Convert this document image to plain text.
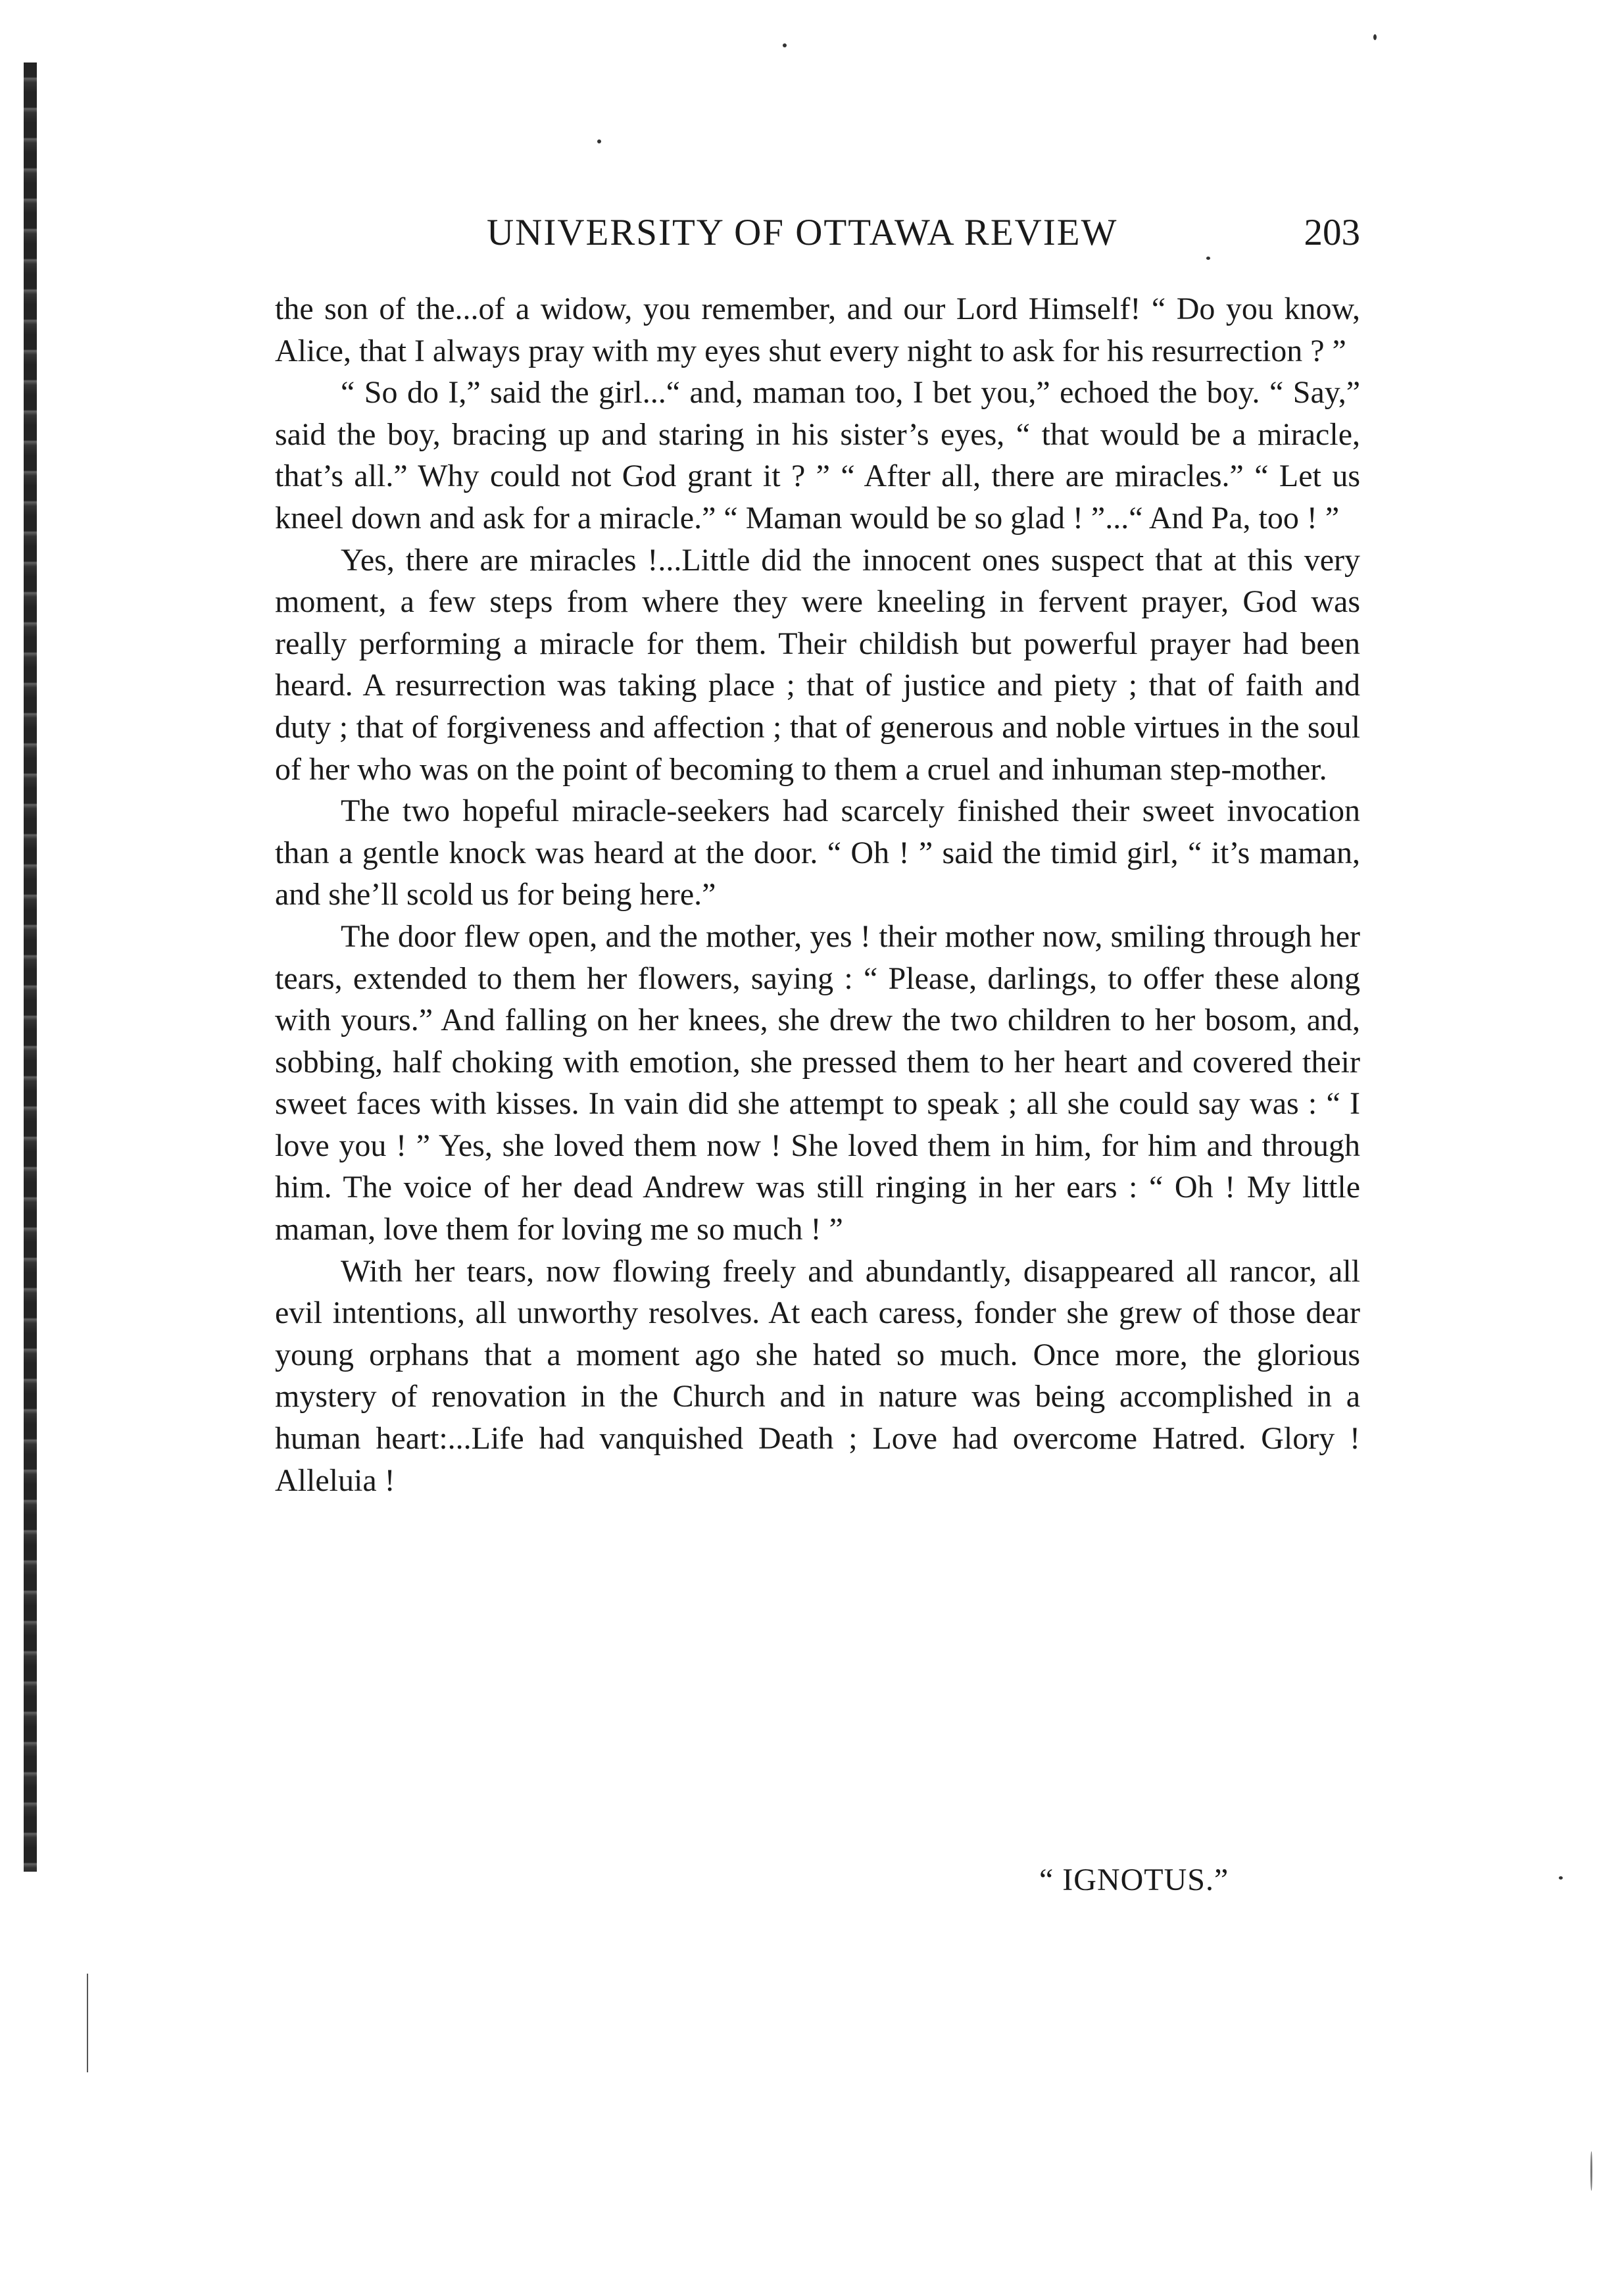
UNIVERSITY OF OTTAWA REVIEW	203

the son of the...of a widow, you remember, and our Lord Himself! “ Do you know, Alice, that I always pray with my eyes shut every night to ask for his resurrection ? ”

“ So do I,” said the girl...“ and, maman too, I bet you,” echoed the boy. “ Say,” said the boy, bracing up and staring in his sister’s eyes, “ that would be a miracle, that’s all.” Why could not God grant it ? ” “ After all, there are miracles.” “ Let us kneel down and ask for a miracle.” “ Maman would be so glad ! ”...“ And Pa, too ! ”

Yes, there are miracles !...Little did the innocent ones suspect that at this very moment, a few steps from where they were kneeling in fervent prayer, God was really performing a miracle for them. Their childish but powerful prayer had been heard. A resurrection was taking place ; that of justice and piety ; that of faith and duty ; that of forgiveness and affection ; that of generous and noble virtues in the soul of her who was on the point of becoming to them a cruel and inhuman step-mother.

The two hopeful miracle-seekers had scarcely finished their sweet invocation than a gentle knock was heard at the door. “ Oh ! ” said the timid girl, “ it’s maman, and she’ll scold us for being here.”

The door flew open, and the mother, yes ! their mother now, smiling through her tears, extended to them her flowers, saying : “ Please, darlings, to offer these along with yours.” And falling on her knees, she drew the two children to her bosom, and, sobbing, half choking with emotion, she pressed them to her heart and covered their sweet faces with kisses. In vain did she attempt to speak ; all she could say was : “ I love you ! ” Yes, she loved them now ! She loved them in him, for him and through him. The voice of her dead Andrew was still ringing in her ears : “ Oh ! My little maman, love them for loving me so much ! ”

With her tears, now flowing freely and abundantly, disappeared all rancor, all evil intentions, all unworthy resolves. At each caress, fonder she grew of those dear young orphans that a moment ago she hated so much. Once more, the glorious mystery of renovation in the Church and in nature was being accomplished in a human heart:...Life had vanquished Death ; Love had overcome Hatred. Glory ! Alleluia !

“ IGNOTUS.”
